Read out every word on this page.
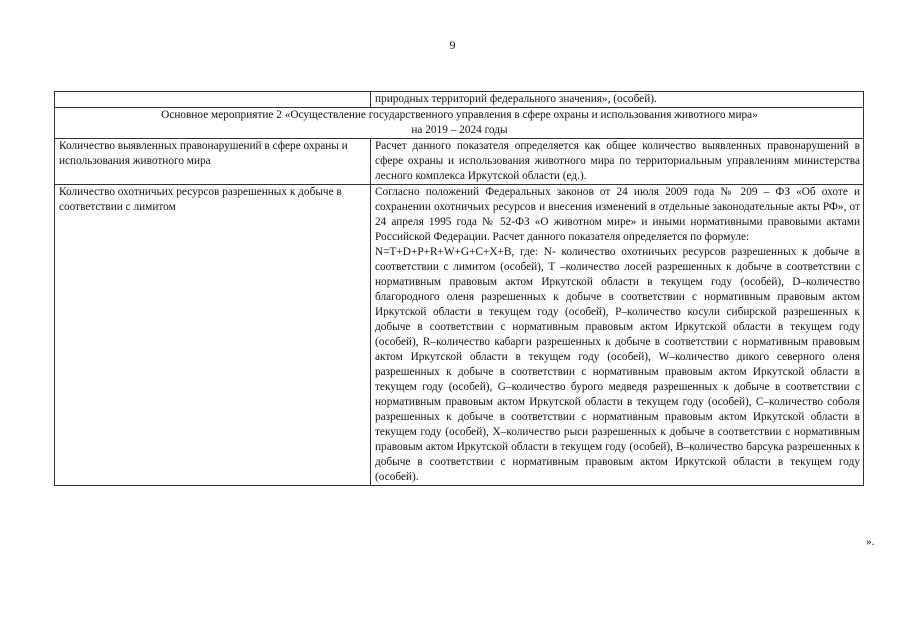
9
	природных территорий федерального значения», (особей).

Основное мероприятие 2 «Осуществление государственного управления в сфере охраны и использования животного мира»
на 2019 – 2024 годы	

Количество выявленных правонарушений в сфере охраны и использования животного мира	Расчет данного показателя определяется как общее количество выявленных правонарушений в сфере охраны и использования животного мира по территориальным управлениям министерства лесного комплекса Иркутской области (ед.).
Количество охотничьих ресурсов разрешенных к добыче в соответствии с лимитом	Согласно положений Федеральных законов от 24 июля 2009 года № 209 – ФЗ «Об охоте и сохранении охотничьих ресурсов и внесения изменений в отдельные законодательные акты РФ», от 24 апреля 1995 года № 52-ФЗ «О животном мире» и иными нормативными правовыми актами Российской Федерации. Расчет данного показателя определяется по формуле:
N=T+D+P+R+W+G+C+X+B, где: N- количество охотничьих ресурсов разрешенных к добыче в соответствии с лимитом (особей), Т –количество лосей разрешенных к добыче в соответствии с нормативным правовым актом Иркутской области в текущем году (особей), D–количество благородного оленя разрешенных к добыче в соответствии с нормативным правовым актом Иркутской области в текущем году (особей), P–количество косули сибирской разрешенных к добыче в соответствии с нормативным правовым актом Иркутской области в текущем году (особей), R–количество кабарги разрешенных к добыче в соответствии с нормативным правовым актом Иркутской области в текущем году (особей), W–количество дикого северного оленя разрешенных к добыче в соответствии с нормативным правовым актом Иркутской области в текущем году (особей), G–количество бурого медведя разрешенных к добыче в соответствии с нормативным правовым актом Иркутской области в текущем году (особей), C–количество соболя разрешенных к добыче в соответствии с нормативным правовым актом Иркутской области в текущем году (особей), X–количество рыси разрешенных к добыче в соответствии с нормативным правовым актом Иркутской области в текущем году (особей), B–количество барсука разрешенных к добыче в соответствии с нормативным правовым актом Иркутской области в текущем году (особей).
».
